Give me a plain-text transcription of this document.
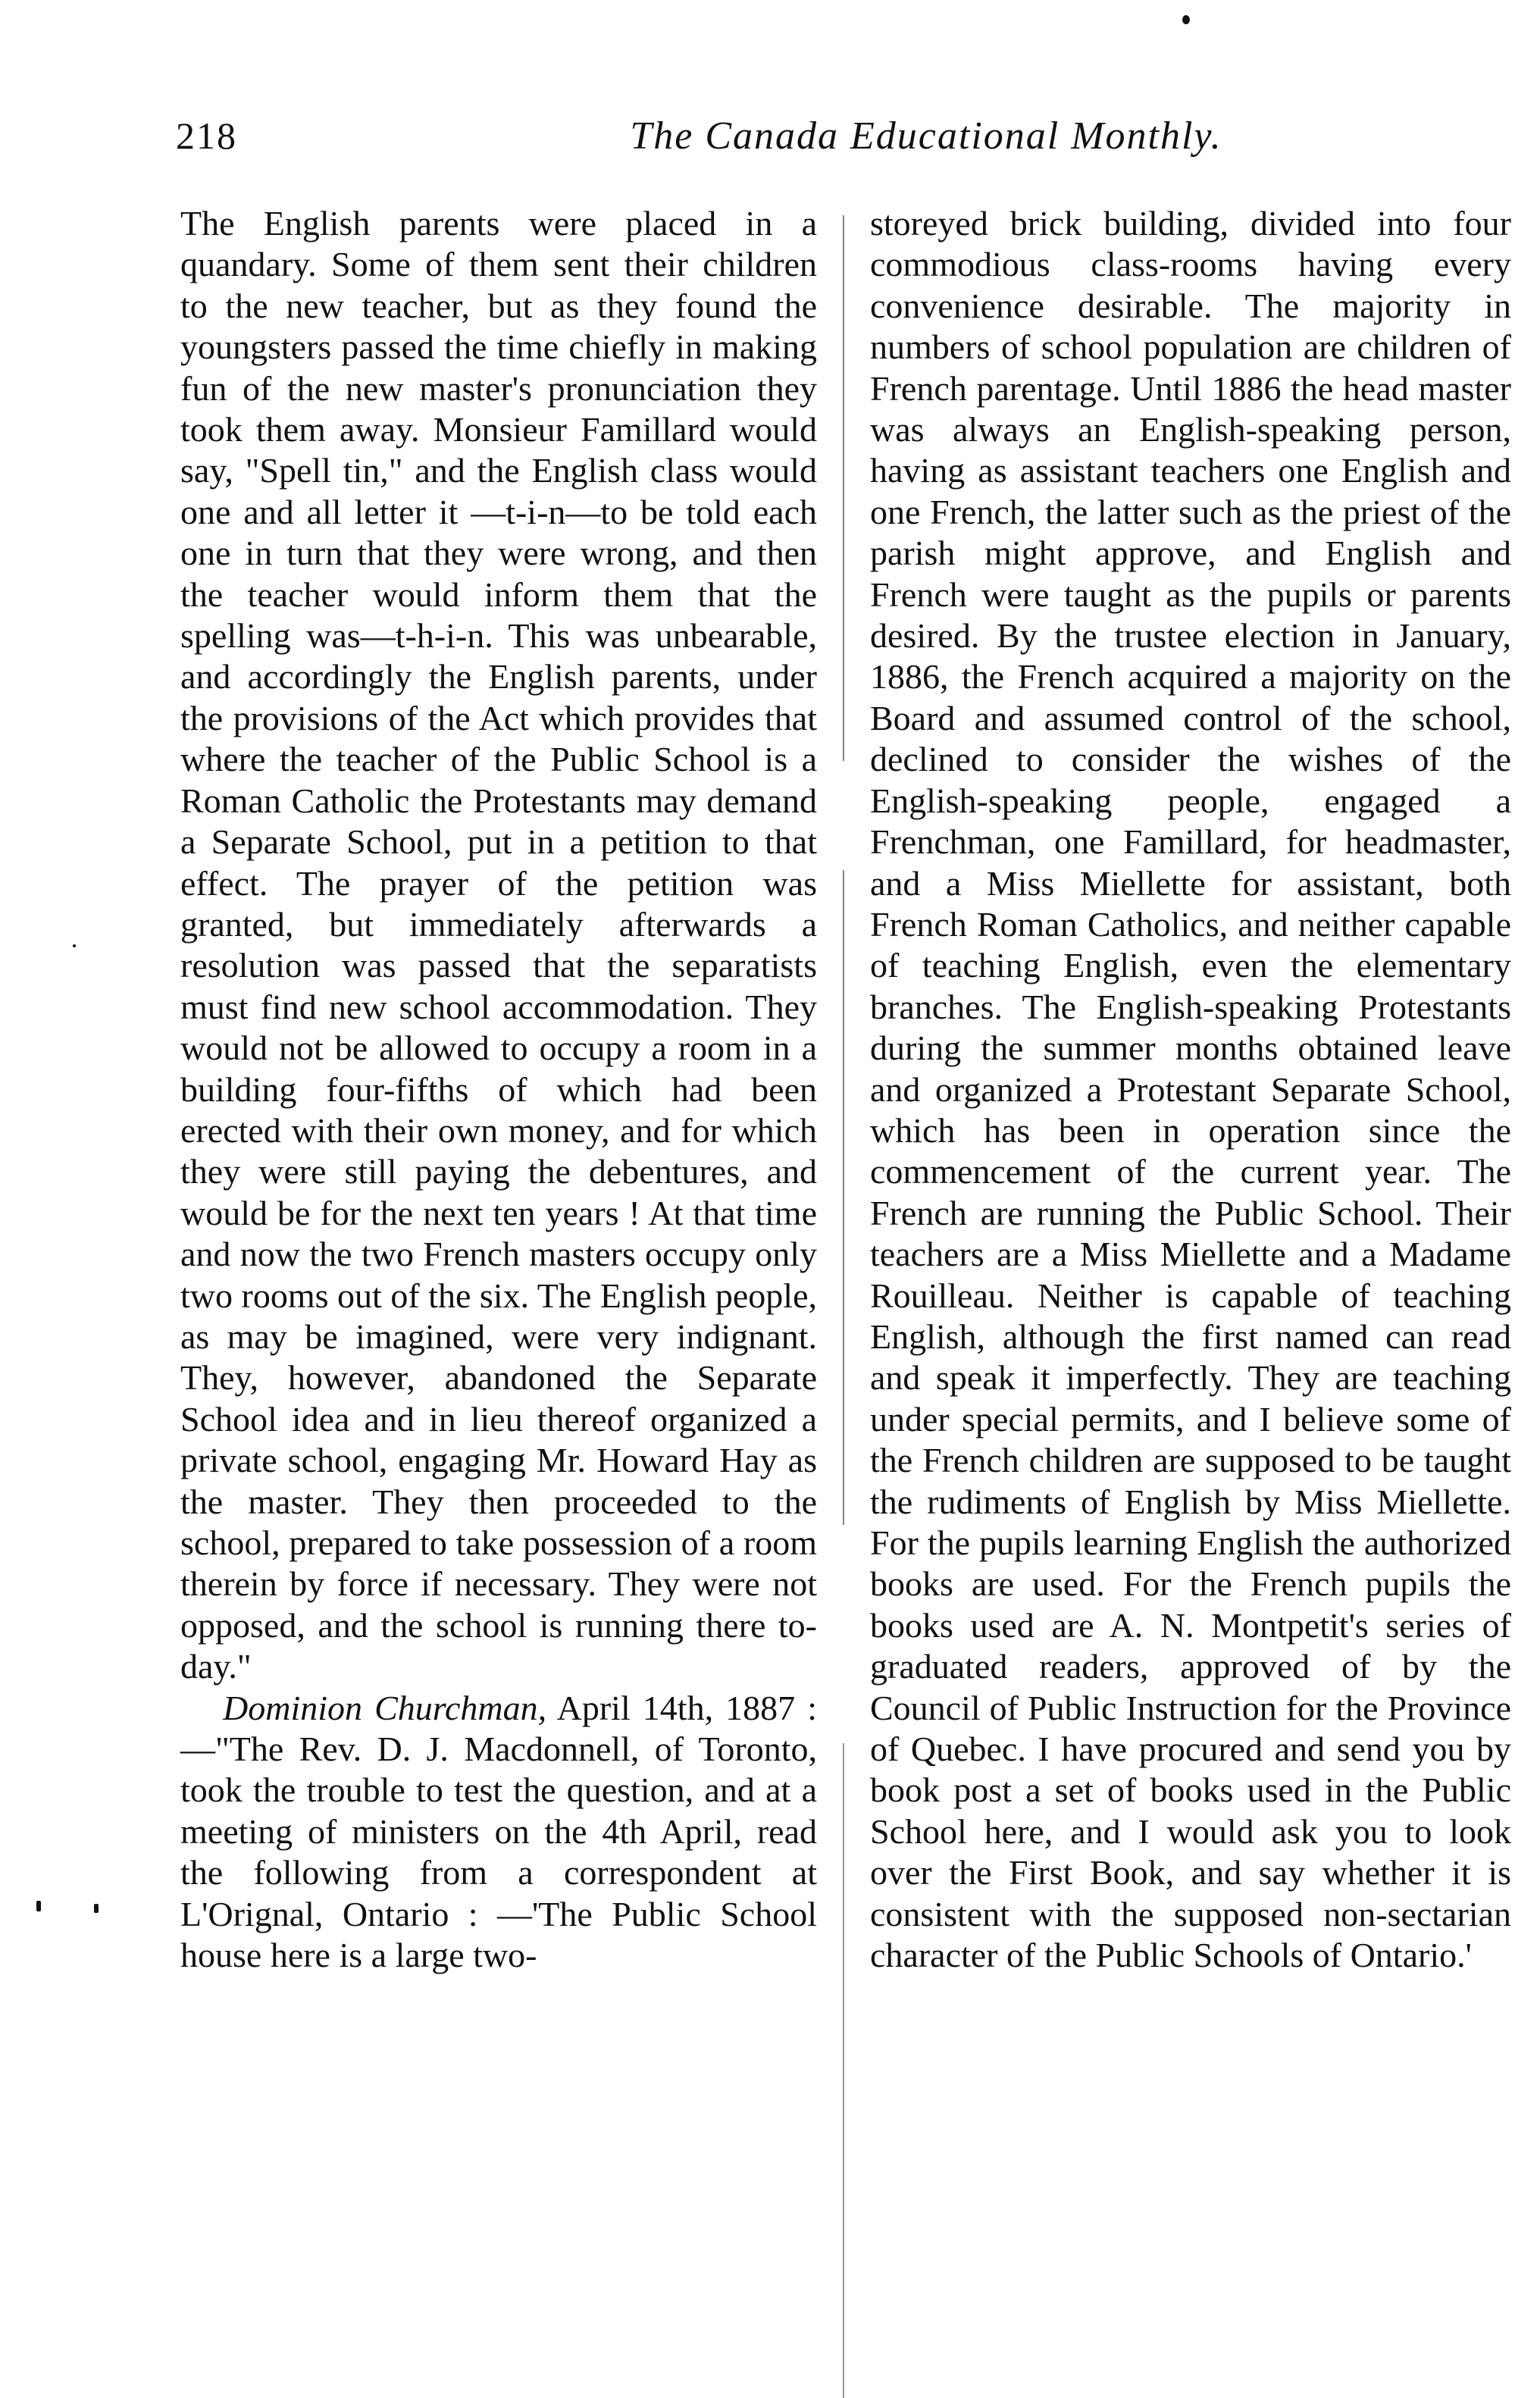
218	The Canada Educational Monthly.

The English parents were placed in a quandary. Some of them sent their children to the new teacher, but as they found the youngsters passed the time chiefly in making fun of the new master's pronunciation they took them away. Monsieur Famillard would say, "Spell tin," and the English class would one and all letter it —t-i-n—to be told each one in turn that they were wrong, and then the teacher would inform them that the spelling was—t-h-i-n. This was unbearable, and accordingly the English parents, under the provisions of the Act which provides that where the teacher of the Public School is a Roman Catholic the Protestants may demand a Separate School, put in a petition to that effect. The prayer of the petition was granted, but immediately afterwards a resolution was passed that the separatists must find new school accommodation. They would not be allowed to occupy a room in a building four-fifths of which had been erected with their own money, and for which they were still paying the debentures, and would be for the next ten years ! At that time and now the two French masters occupy only two rooms out of the six. The English people, as may be imagined, were very indignant. They, however, abandoned the Separate School idea and in lieu thereof organized a private school, engaging Mr. Howard Hay as the master. They then proceeded to the school, prepared to take possession of a room therein by force if necessary. They were not opposed, and the school is running there to-day."

Dominion Churchman, April 14th, 1887 :—"The Rev. D. J. Macdonnell, of Toronto, took the trouble to test the question, and at a meeting of ministers on the 4th April, read the following from a correspondent at L'Orignal, Ontario : —'The Public School house here is a large two-

storeyed brick building, divided into four commodious class-rooms having every convenience desirable. The majority in numbers of school population are children of French parentage. Until 1886 the head master was always an English-speaking person, having as assistant teachers one English and one French, the latter such as the priest of the parish might approve, and English and French were taught as the pupils or parents desired. By the trustee election in January, 1886, the French acquired a majority on the Board and assumed control of the school, declined to consider the wishes of the English-speaking people, engaged a Frenchman, one Famillard, for headmaster, and a Miss Miellette for assistant, both French Roman Catholics, and neither capable of teaching English, even the elementary branches. The English-speaking Protestants during the summer months obtained leave and organized a Protestant Separate School, which has been in operation since the commencement of the current year. The French are running the Public School. Their teachers are a Miss Miellette and a Madame Rouilleau. Neither is capable of teaching English, although the first named can read and speak it imperfectly. They are teaching under special permits, and I believe some of the French children are supposed to be taught the rudiments of English by Miss Miellette. For the pupils learning English the authorized books are used. For the French pupils the books used are A. N. Montpetit's series of graduated readers, approved of by the Council of Public Instruction for the Province of Quebec. I have procured and send you by book post a set of books used in the Public School here, and I would ask you to look over the First Book, and say whether it is consistent with the supposed non-sectarian character of the Public Schools of Ontario.'
